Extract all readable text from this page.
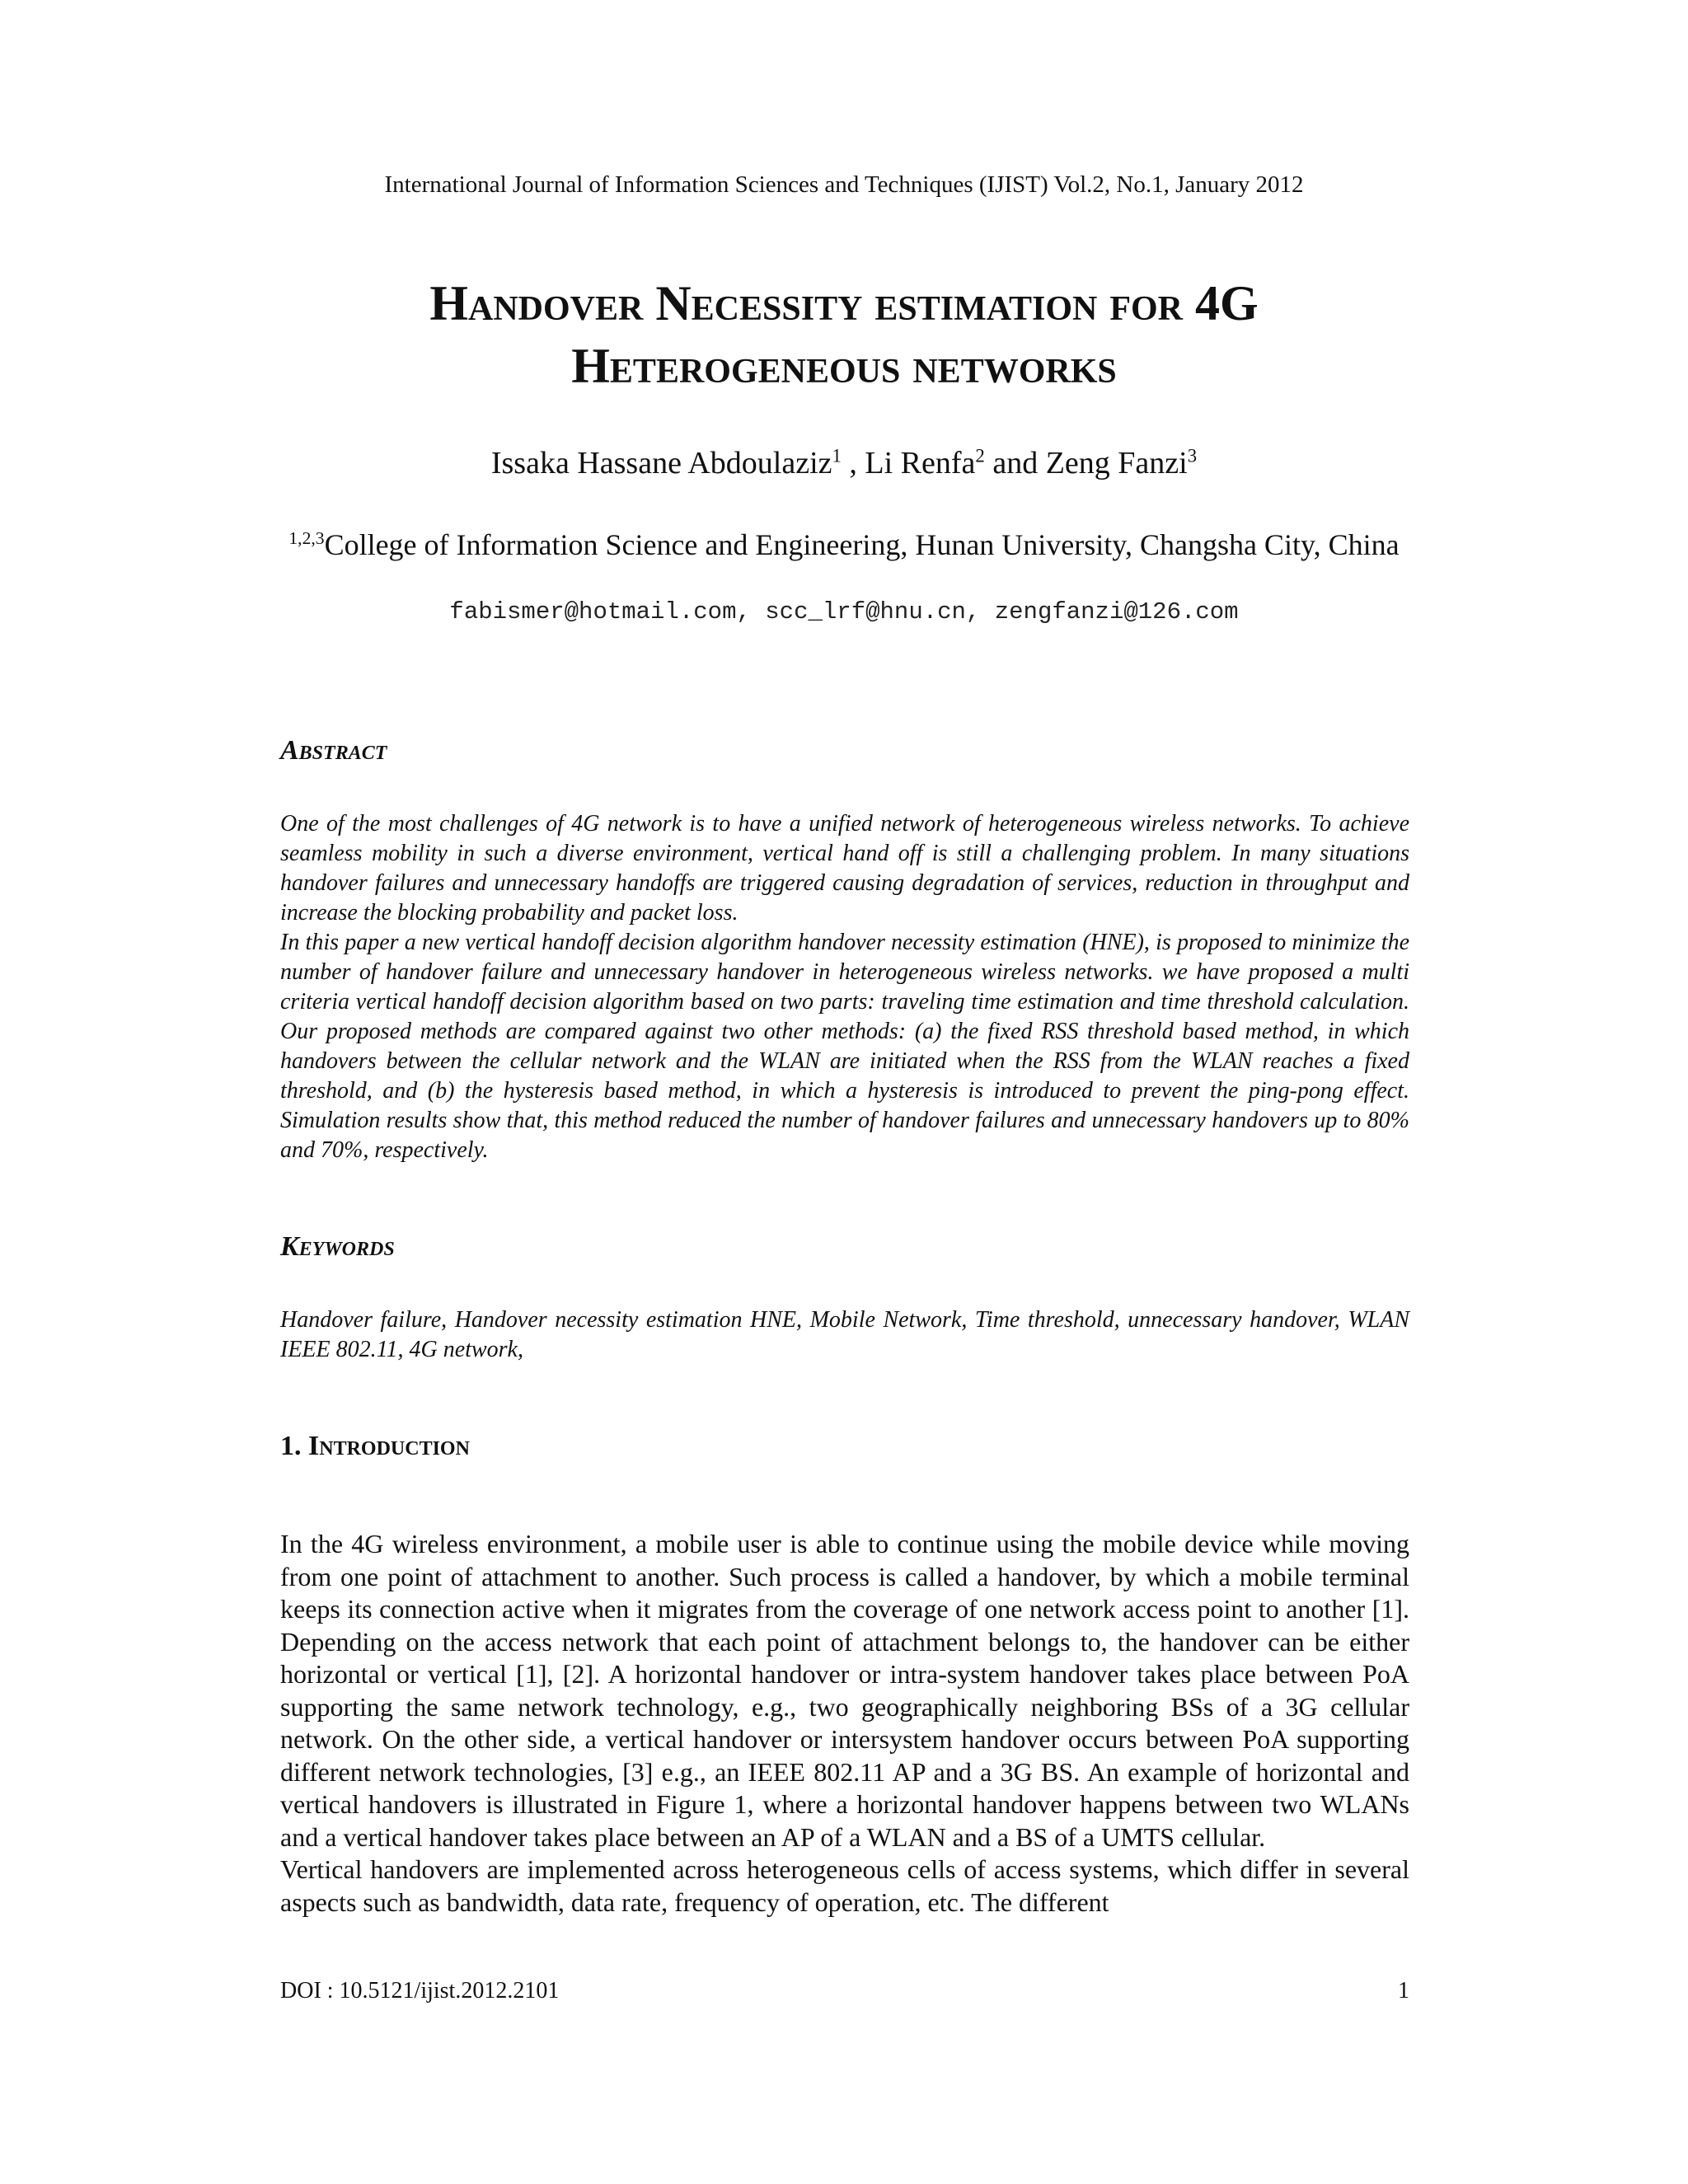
International Journal of Information Sciences and Techniques (IJIST) Vol.2, No.1, January 2012
Handover Necessity estimation for 4G
Heterogeneous networks
Issaka Hassane Abdoulaziz$^1$ , Li Renfa$^2$ and Zeng Fanzi$^3$
$^{1,2,3}$College of Information Science and Engineering, Hunan University, Changsha City, China
fabismer@hotmail.com, scc_lrf@hnu.cn, zengfanzi@126.com
Abstract

One of the most challenges of 4G network is to have a unified network of heterogeneous wireless networks. To achieve seamless mobility in such a diverse environment, vertical hand off is still a challenging problem. In many situations handover failures and unnecessary handoffs are triggered causing degradation of services, reduction in throughput and increase the blocking probability and packet loss.

In this paper a new vertical handoff decision algorithm handover necessity estimation (HNE), is proposed to minimize the number of handover failure and unnecessary handover in heterogeneous wireless networks. we have proposed a multi criteria vertical handoff decision algorithm based on two parts: traveling time estimation and time threshold calculation. Our proposed methods are compared against two other methods: (a) the fixed RSS threshold based method, in which handovers between the cellular network and the WLAN are initiated when the RSS from the WLAN reaches a fixed threshold, and (b) the hysteresis based method, in which a hysteresis is introduced to prevent the ping-pong effect. Simulation results show that, this method reduced the number of handover failures and unnecessary handovers up to 80% and 70%, respectively.

Keywords
Handover failure, Handover necessity estimation HNE, Mobile Network, Time threshold, unnecessary handover, WLAN IEEE 802.11, 4G network,
1. Introduction

In the 4G wireless environment, a mobile user is able to continue using the mobile device while moving from one point of attachment to another. Such process is called a handover, by which a mobile terminal keeps its connection active when it migrates from the coverage of one network access point to another [1]. Depending on the access network that each point of attachment belongs to, the handover can be either horizontal or vertical [1], [2]. A horizontal handover or intra-system handover takes place between PoA supporting the same network technology, e.g., two geographically neighboring BSs of a 3G cellular network. On the other side, a vertical handover or intersystem handover occurs between PoA supporting different network technologies, [3] e.g., an IEEE 802.11 AP and a 3G BS. An example of horizontal and vertical handovers is illustrated in Figure 1, where a horizontal handover happens between two WLANs and a vertical handover takes place between an AP of a WLAN and a BS of a UMTS cellular.

Vertical handovers are implemented across heterogeneous cells of access systems, which differ in several aspects such as bandwidth, data rate, frequency of operation, etc. The different

DOI : 10.5121/ijist.2012.2101	1
